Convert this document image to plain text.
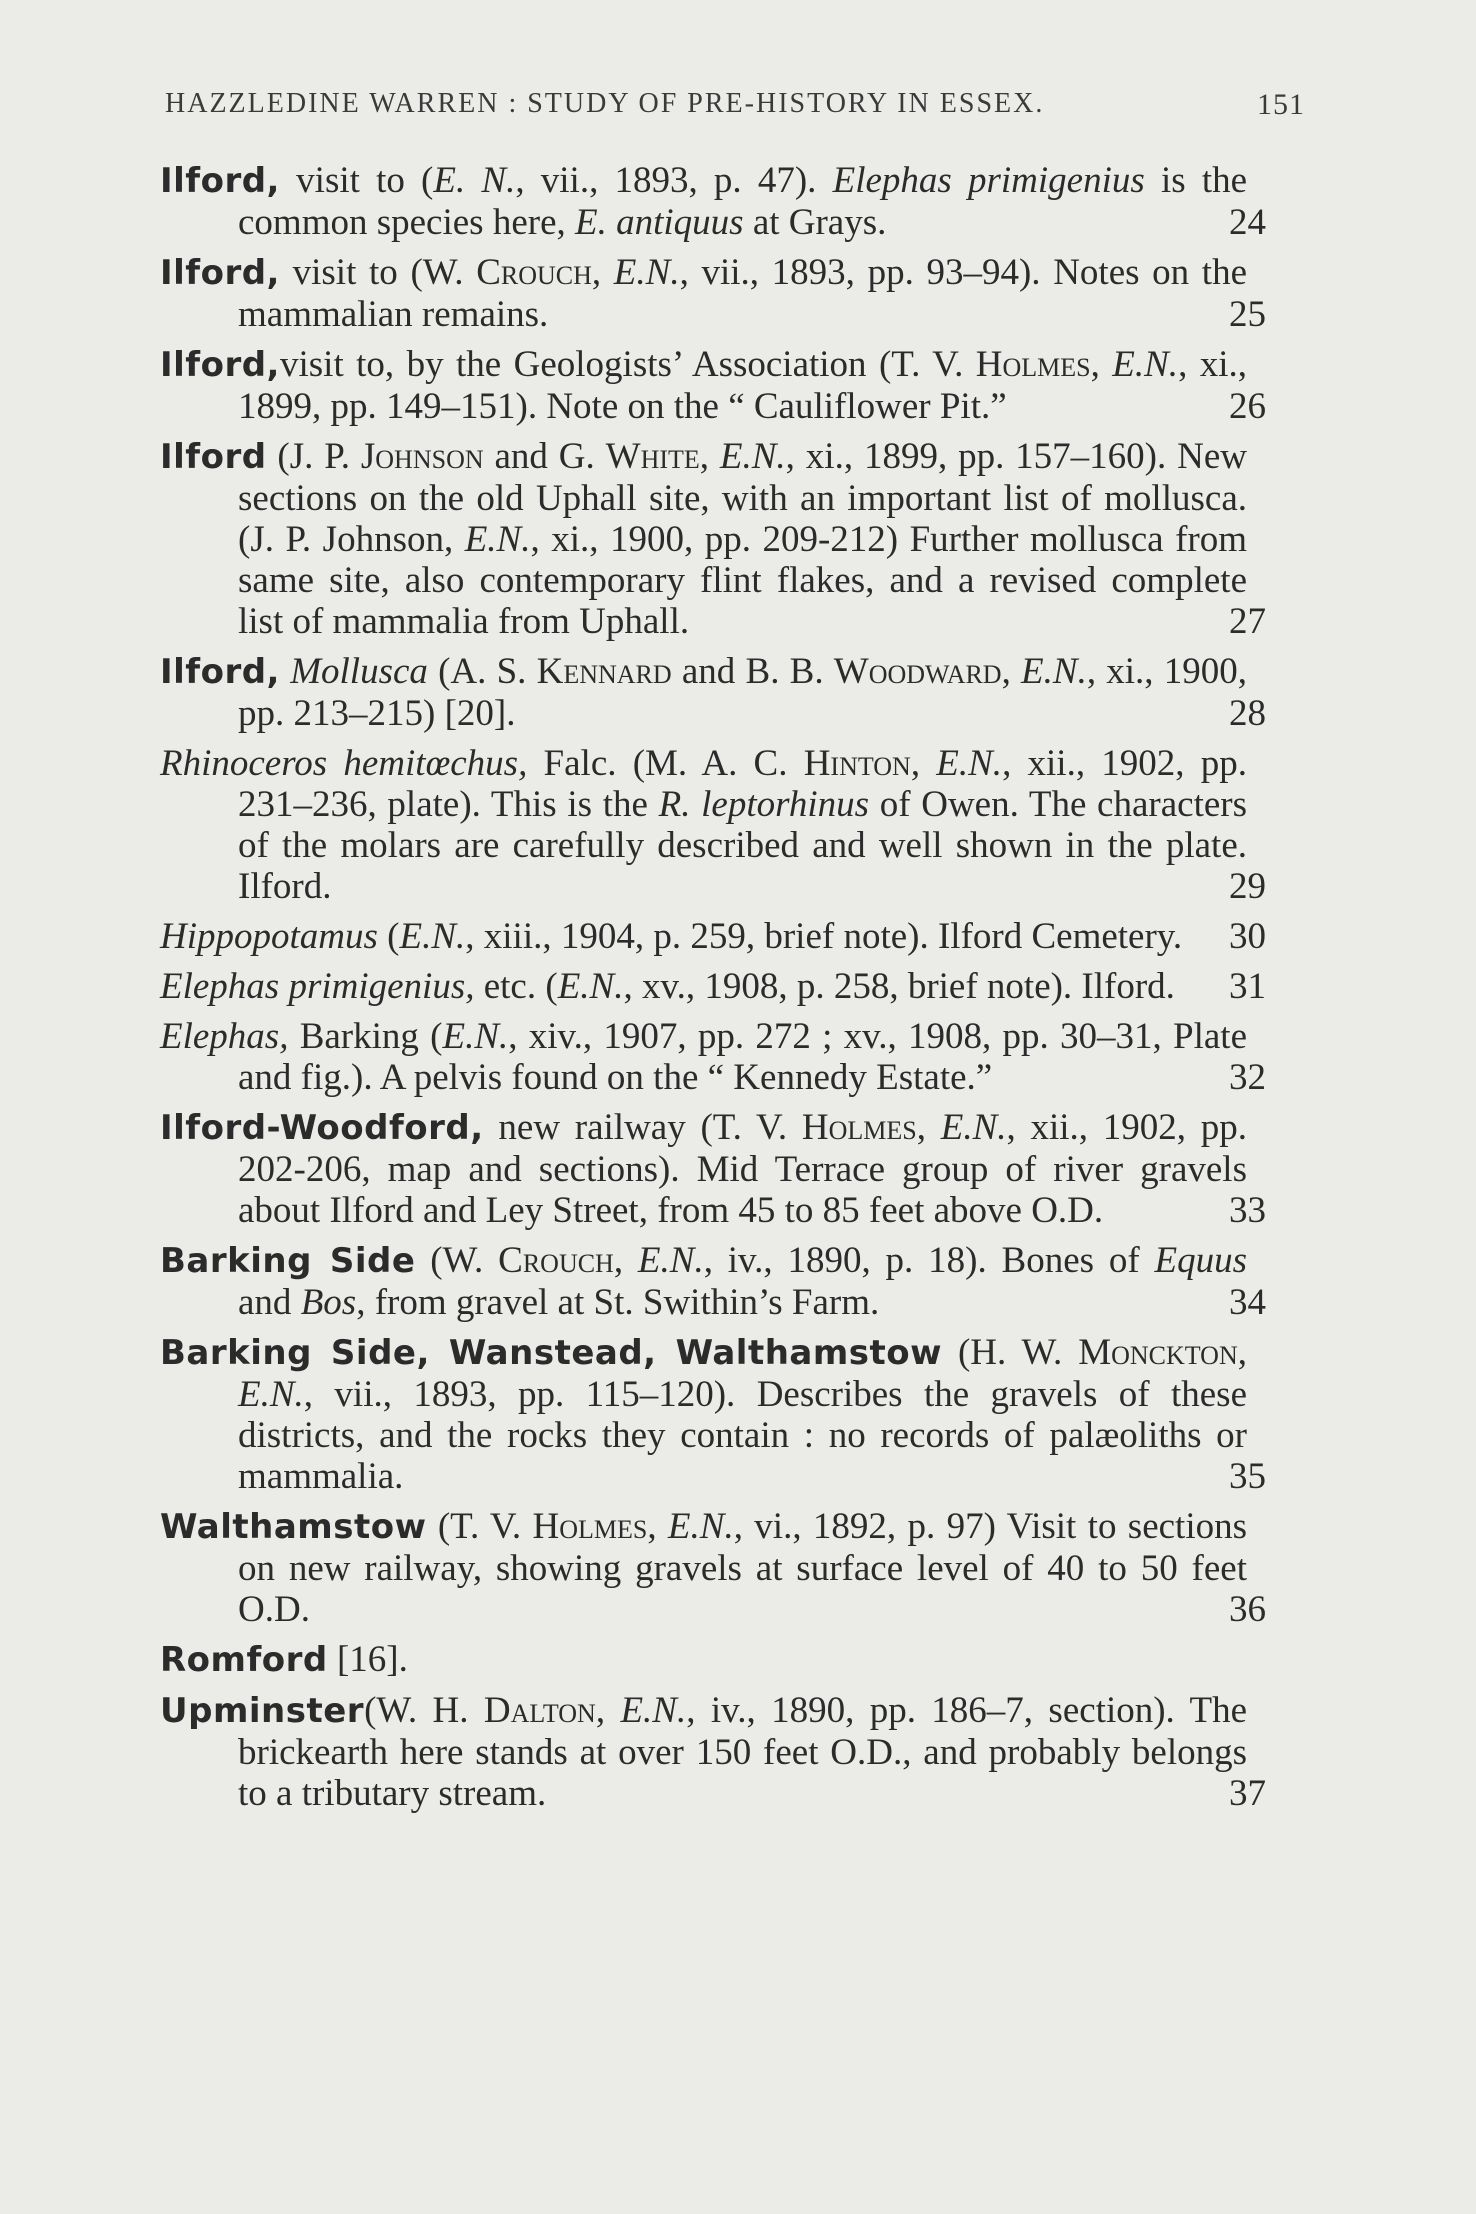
HAZZLEDINE WARREN : STUDY OF PRE-HISTORY IN ESSEX.	151
Ilford, visit to (E. N., vii., 1893, p. 47). Elephas primigenius is the common species here, E. antiquus at Grays.	24
Ilford, visit to (W. Crouch, E.N., vii., 1893, pp. 93–94). Notes on the mammalian remains.	25
Ilford,visit to, by the Geologists’ Association (T. V. Holmes, E.N., xi., 1899, pp. 149–151). Note on the “ Cauliflower Pit.”	26
Ilford (J. P. Johnson and G. White, E.N., xi., 1899, pp. 157–160). New sections on the old Uphall site, with an important list of mollusca. (J. P. Johnson, E.N., xi., 1900, pp. 209-212) Further mollusca from same site, also contemporary flint flakes, and a revised complete list of mammalia from Uphall.	27
Ilford, Mollusca (A. S. Kennard and B. B. Woodward, E.N., xi., 1900, pp. 213–215) [20].	28
Rhinoceros hemitœchus, Falc. (M. A. C. Hinton, E.N., xii., 1902, pp. 231–236, plate). This is the R. leptorhinus of Owen. The characters of the molars are carefully described and well shown in the plate. Ilford.	29
Hippopotamus (E.N., xiii., 1904, p. 259, brief note). Ilford Cemetery. 30
Elephas primigenius, etc. (E.N., xv., 1908, p. 258, brief note). Ilford. 31
Elephas, Barking (E.N., xiv., 1907, pp. 272 ; xv., 1908, pp. 30–31, Plate and fig.). A pelvis found on the “ Kennedy Estate.”	32
Ilford-Woodford, new railway (T. V. Holmes, E.N., xii., 1902, pp. 202-206, map and sections). Mid Terrace group of river gravels about Ilford and Ley Street, from 45 to 85 feet above O.D.	33
Barking Side (W. Crouch, E.N., iv., 1890, p. 18). Bones of Equus and Bos, from gravel at St. Swithin’s Farm.	34
Barking Side, Wanstead, Walthamstow (H. W. Monckton, E.N., vii., 1893, pp. 115–120). Describes the gravels of these districts, and the rocks they contain : no records of palæoliths or mammalia.	35
Walthamstow (T. V. Holmes, E.N., vi., 1892, p. 97) Visit to sections on new railway, showing gravels at surface level of 40 to 50 feet O.D.	36
Romford [16].
Upminster(W. H. Dalton, E.N., iv., 1890, pp. 186–7, section). The brickearth here stands at over 150 feet O.D., and probably belongs to a tributary stream.	37
